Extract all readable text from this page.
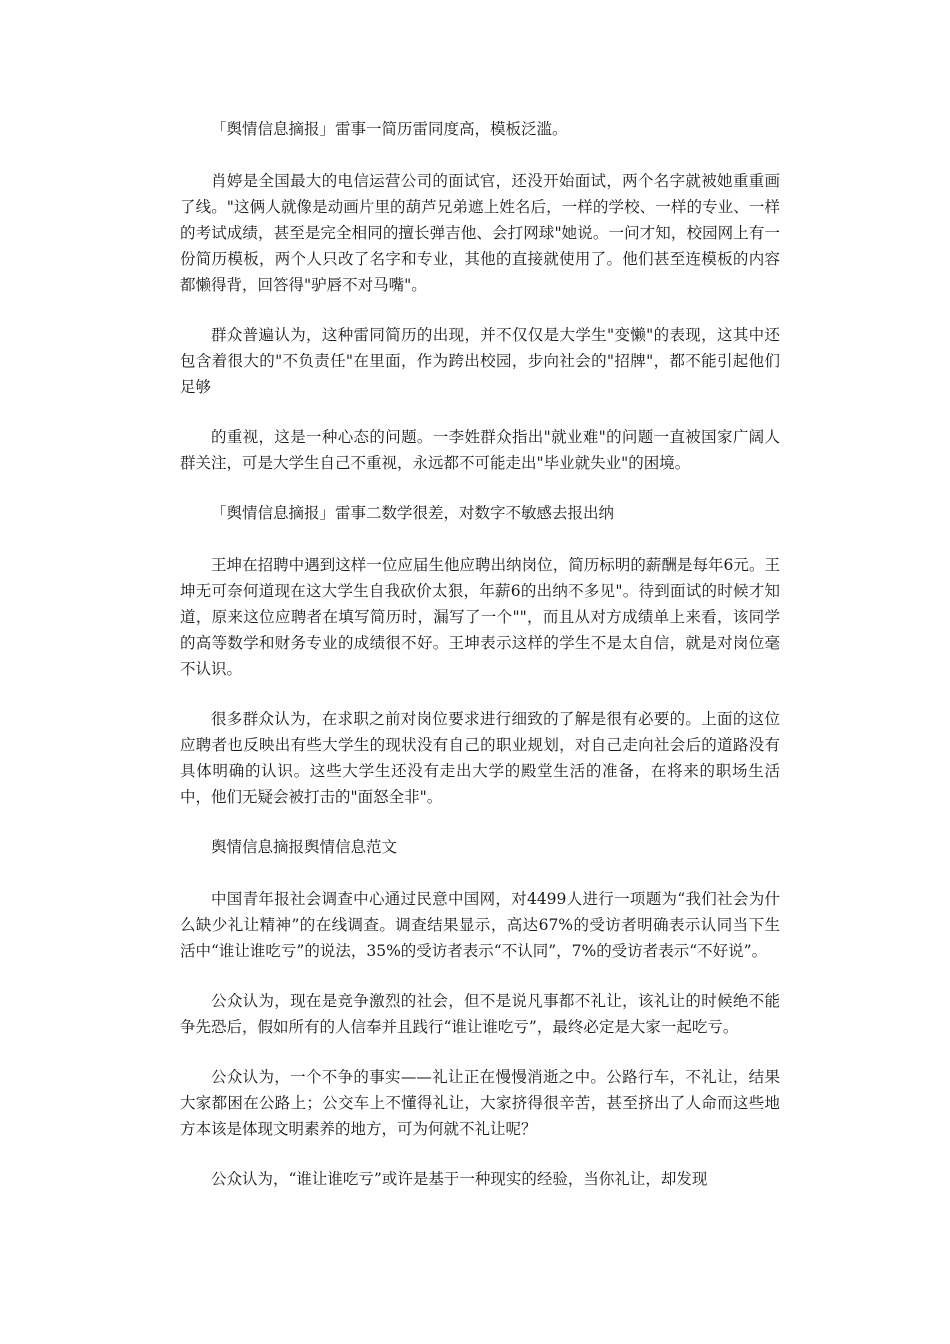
「舆情信息摘报」雷事一简历雷同度高，模板泛滥。

肖婷是全国最大的电信运营公司的面试官，还没开始面试，两个名字就被她重重画了线。"这俩人就像是动画片里的葫芦兄弟遮上姓名后，一样的学校、一样的专业、一样的考试成绩，甚至是完全相同的擅长弹吉他、会打网球"她说。一问才知，校园网上有一份简历模板，两个人只改了名字和专业，其他的直接就使用了。他们甚至连模板的内容都懒得背，回答得"驴唇不对马嘴"。

群众普遍认为，这种雷同简历的出现，并不仅仅是大学生"变懒"的表现，这其中还包含着很大的"不负责任"在里面，作为跨出校园，步向社会的"招牌"，都不能引起他们足够

的重视，这是一种心态的问题。一李姓群众指出"就业难"的问题一直被国家广阔人群关注，可是大学生自己不重视，永远都不可能走出"毕业就失业"的困境。

「舆情信息摘报」雷事二数学很差，对数字不敏感去报出纳

王坤在招聘中遇到这样一位应届生他应聘出纳岗位，简历标明的薪酬是每年6元。王坤无可奈何道现在这大学生自我砍价太狠，年薪6的出纳不多见"。待到面试的时候才知道，原来这位应聘者在填写简历时，漏写了一个""，而且从对方成绩单上来看，该同学的高等数学和财务专业的成绩很不好。王坤表示这样的学生不是太自信，就是对岗位毫不认识。

很多群众认为，在求职之前对岗位要求进行细致的了解是很有必要的。上面的这位应聘者也反映出有些大学生的现状没有自己的职业规划，对自己走向社会后的道路没有具体明确的认识。这些大学生还没有走出大学的殿堂生活的准备，在将来的职场生活中，他们无疑会被打击的"面怒全非"。

舆情信息摘报舆情信息范文

中国青年报社会调查中心通过民意中国网，对4499人进行一项题为“我们社会为什么缺少礼让精神”的在线调查。调查结果显示，高达67%的受访者明确表示认同当下生活中“谁让谁吃亏”的说法，35%的受访者表示“不认同”，7%的受访者表示“不好说”。

公众认为，现在是竞争激烈的社会，但不是说凡事都不礼让，该礼让的时候绝不能争先恐后，假如所有的人信奉并且践行“谁让谁吃亏”，最终必定是大家一起吃亏。

公众认为，一个不争的事实——礼让正在慢慢消逝之中。公路行车，不礼让，结果大家都困在公路上；公交车上不懂得礼让，大家挤得很辛苦，甚至挤出了人命而这些地方本该是体现文明素养的地方，可为何就不礼让呢？

公众认为，“谁让谁吃亏”或许是基于一种现实的经验，当你礼让，却发现
